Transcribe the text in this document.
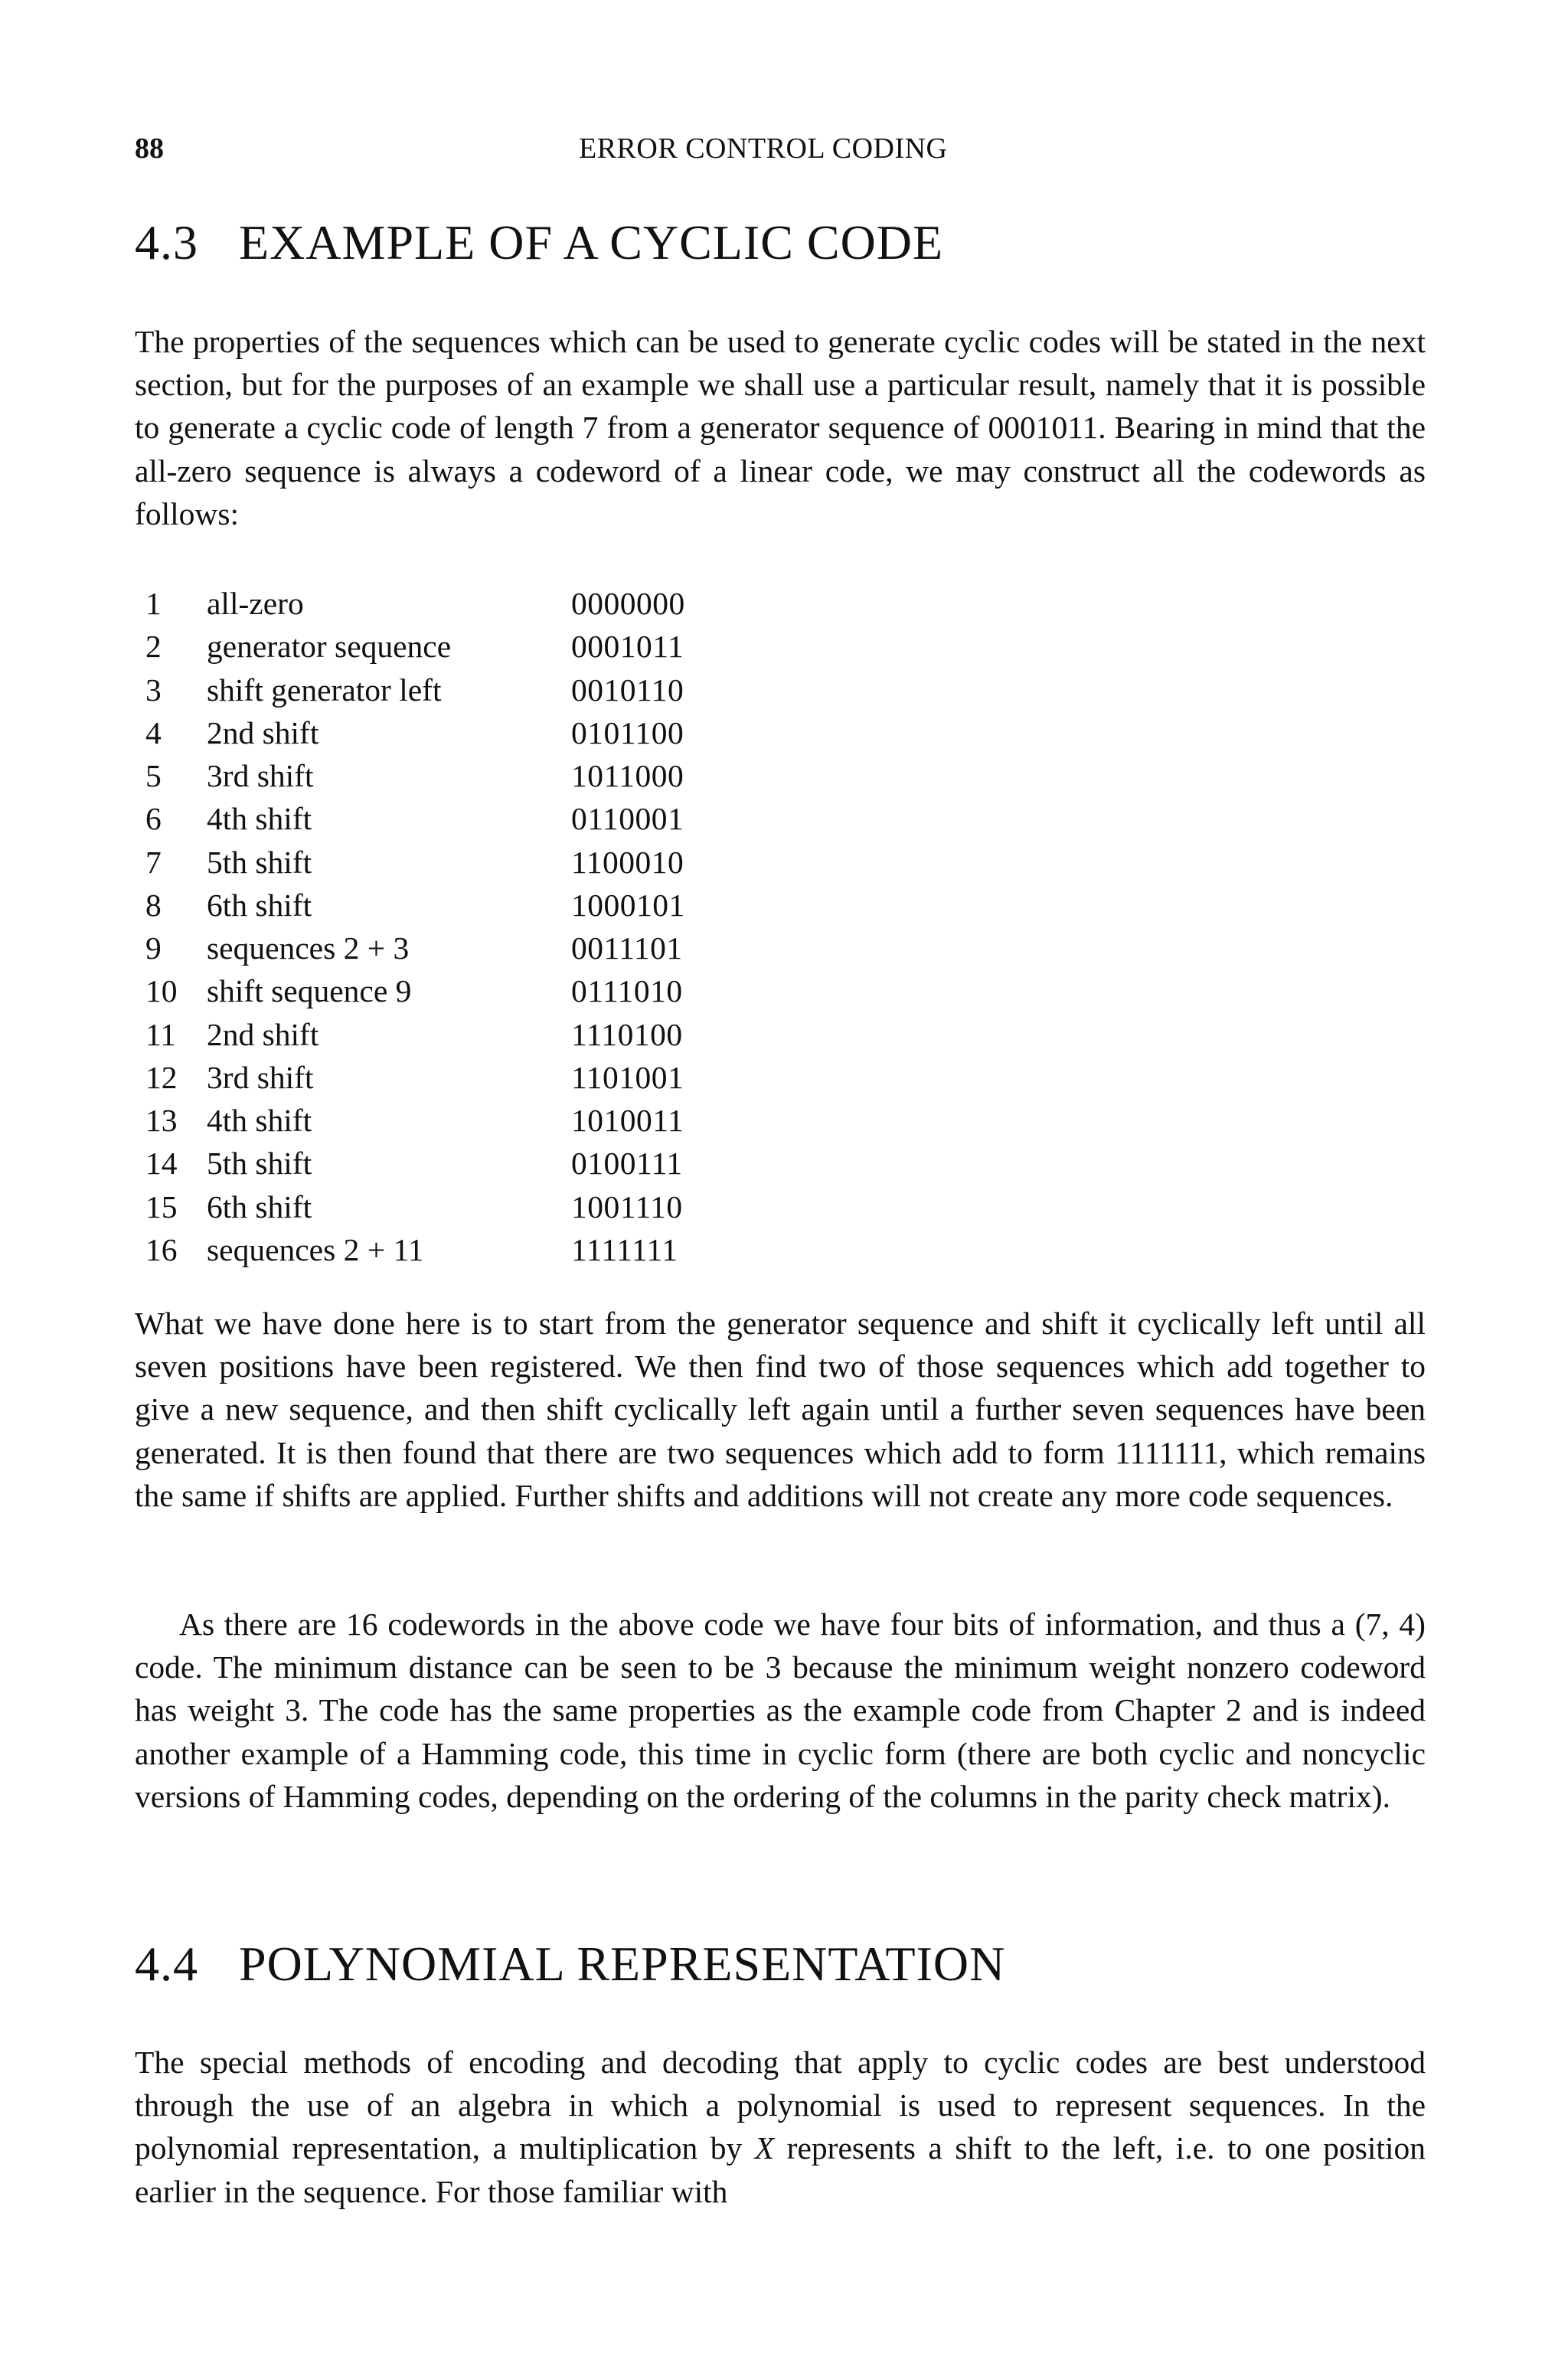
88	ERROR CONTROL CODING
4.3 EXAMPLE OF A CYCLIC CODE
The properties of the sequences which can be used to generate cyclic codes will be stated in the next section, but for the purposes of an example we shall use a particular result, namely that it is possible to generate a cyclic code of length 7 from a generator sequence of 0001011. Bearing in mind that the all-zero sequence is always a codeword of a linear code, we may construct all the codewords as follows:
1	all-zero	0000000
2	generator sequence	0001011
3	shift generator left	0010110
4	2nd shift	0101100
5	3rd shift	1011000
6	4th shift	0110001
7	5th shift	1100010
8	6th shift	1000101
9	sequences 2 + 3	0011101
10	shift sequence 9	0111010
11	2nd shift	1110100
12	3rd shift	1101001
13	4th shift	1010011
14	5th shift	0100111
15	6th shift	1001110
16	sequences 2 + 11	1111111
What we have done here is to start from the generator sequence and shift it cyclically left until all seven positions have been registered. We then find two of those sequences which add together to give a new sequence, and then shift cyclically left again until a further seven sequences have been generated. It is then found that there are two sequences which add to form 1111111, which remains the same if shifts are applied. Further shifts and additions will not create any more code sequences.
As there are 16 codewords in the above code we have four bits of information, and thus a (7, 4) code. The minimum distance can be seen to be 3 because the minimum weight nonzero codeword has weight 3. The code has the same properties as the example code from Chapter 2 and is indeed another example of a Hamming code, this time in cyclic form (there are both cyclic and noncyclic versions of Hamming codes, depending on the ordering of the columns in the parity check matrix).
4.4 POLYNOMIAL REPRESENTATION
The special methods of encoding and decoding that apply to cyclic codes are best understood through the use of an algebra in which a polynomial is used to represent sequences. In the polynomial representation, a multiplication by X represents a shift to the left, i.e. to one position earlier in the sequence. For those familiar with
